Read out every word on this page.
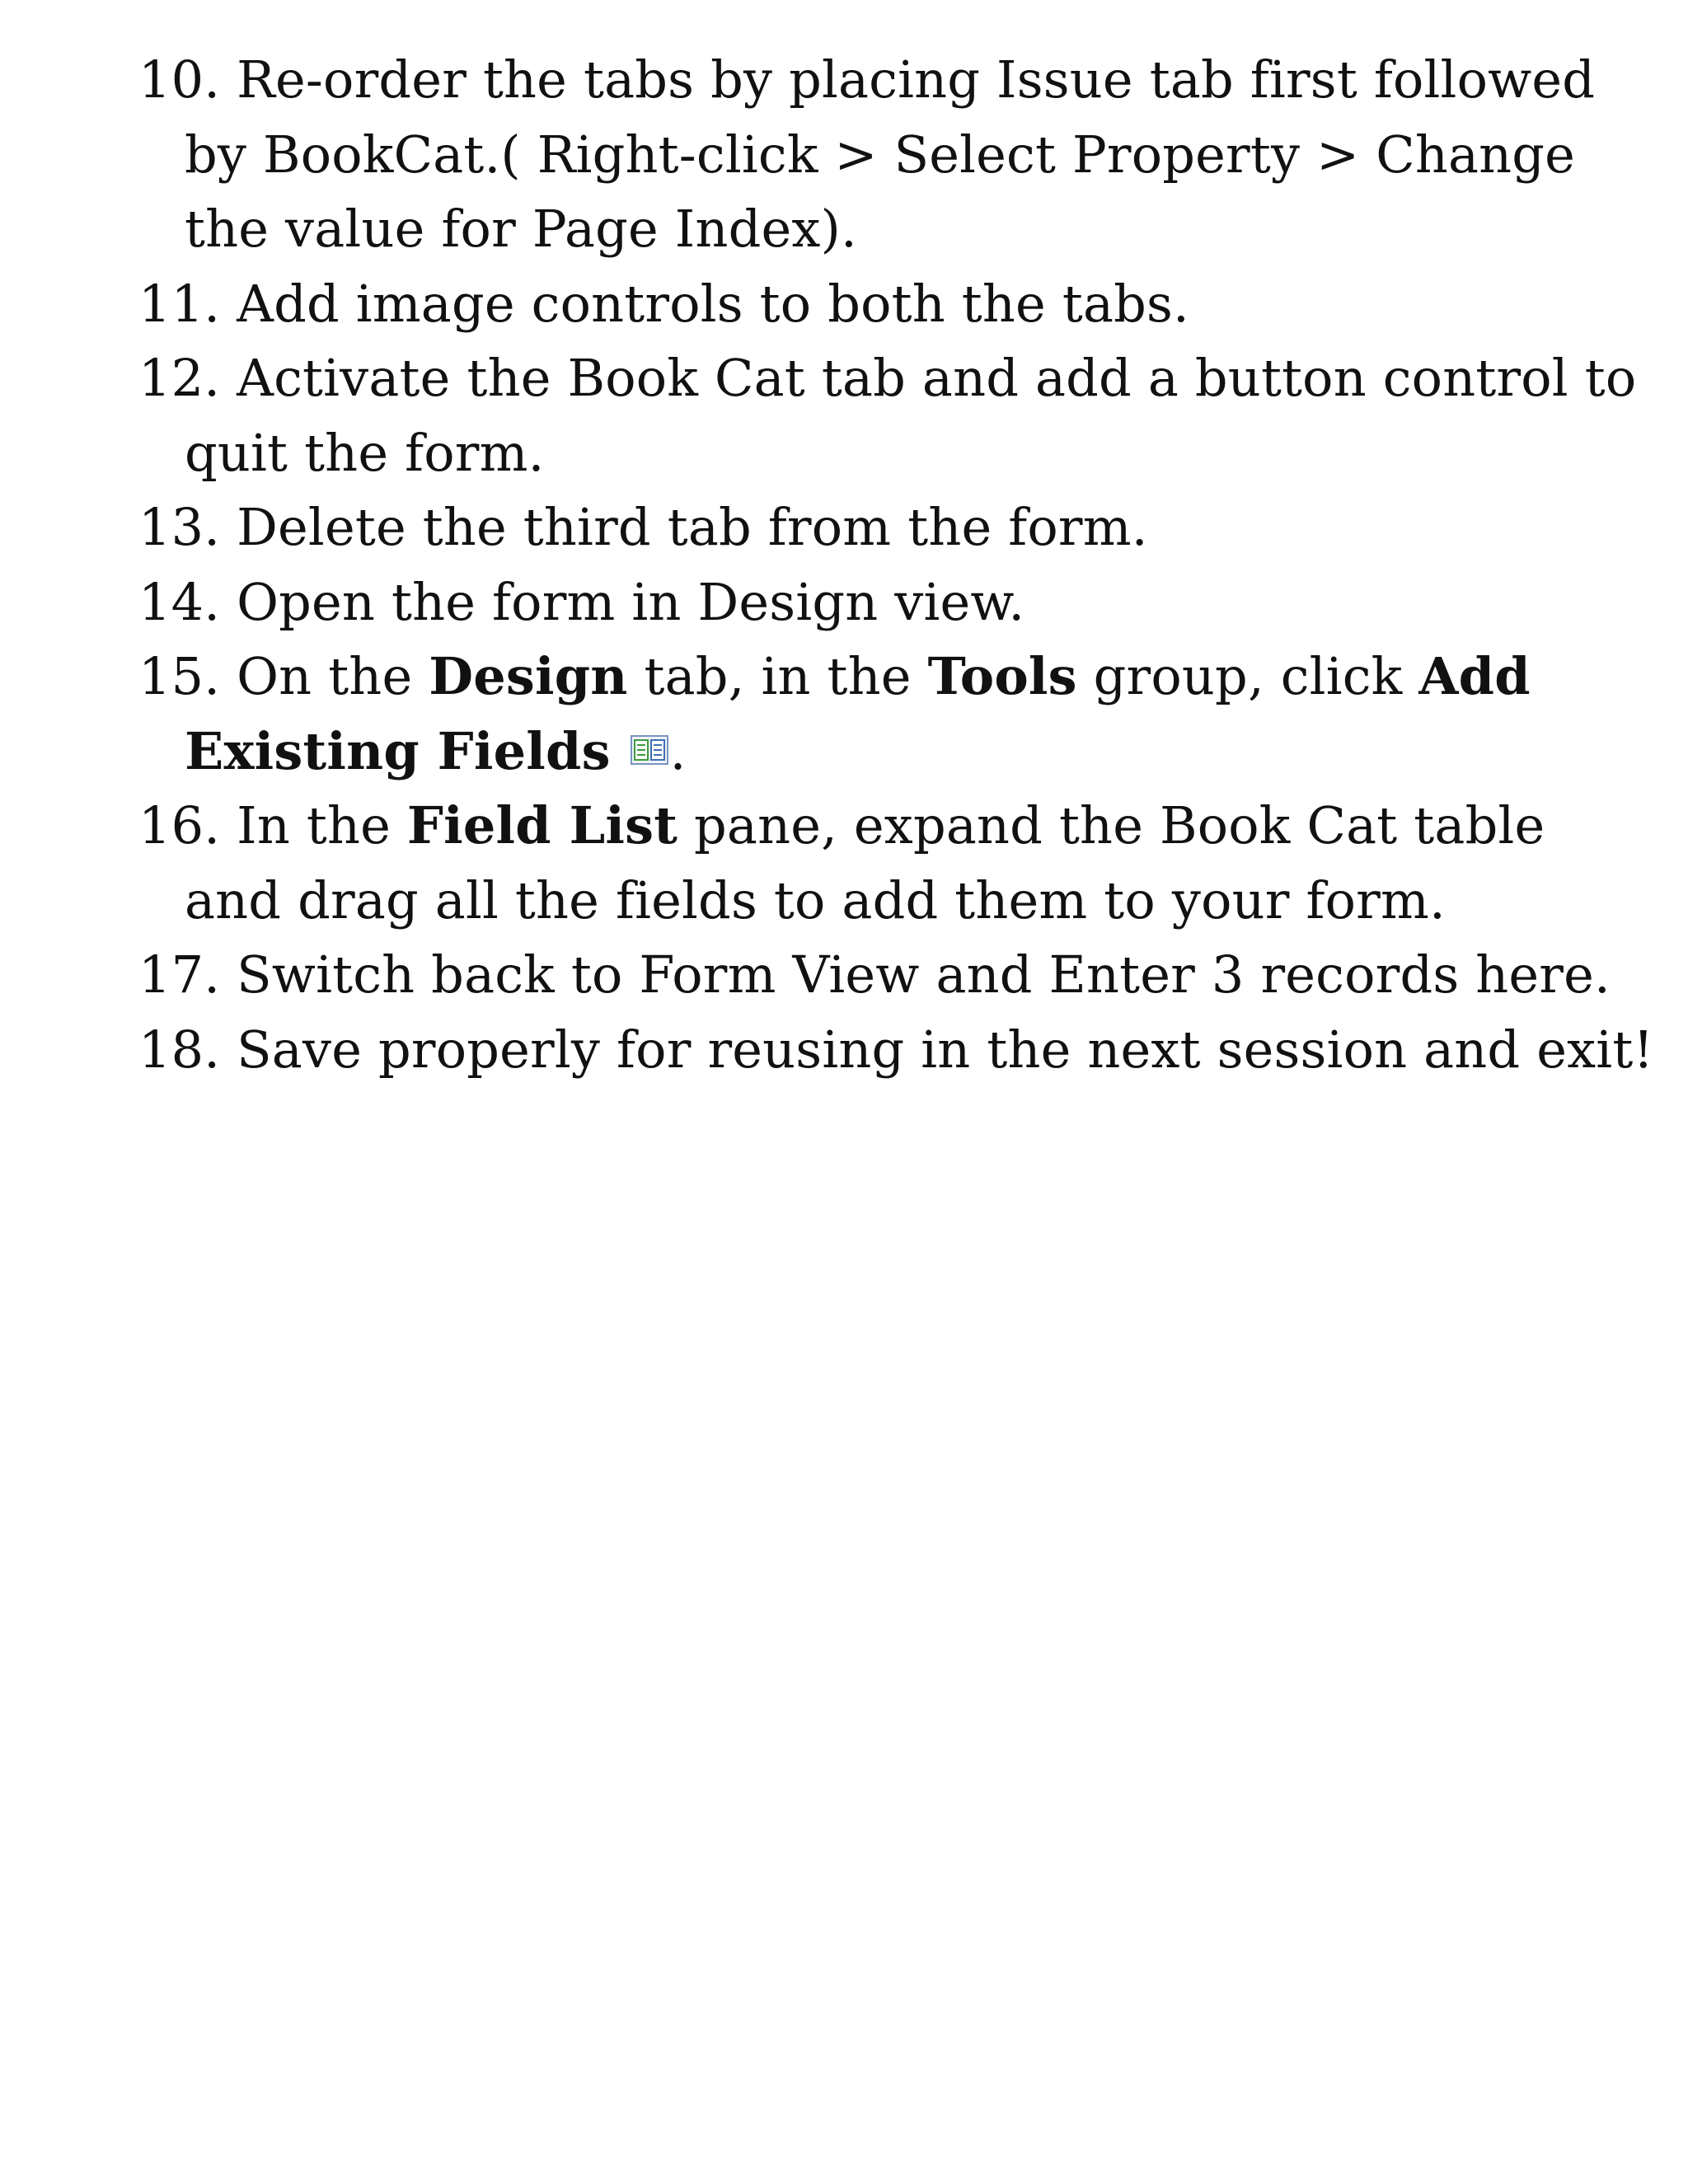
10. Re-order the tabs by placing Issue tab first followed by BookCat.( Right-click > Select Property > Change the value for Page Index).
11. Add image controls to both the tabs.
12. Activate the Book Cat tab and add a button control to quit the form.
13. Delete the third tab from the form.
14. Open the form in Design view.
15. On the Design tab, in the Tools group, click Add Existing Fields .
16. In the Field List pane, expand the Book Cat table and drag all the fields to add them to your form.
17. Switch back to Form View and Enter 3 records here.
18. Save properly for reusing in the next session and exit!
